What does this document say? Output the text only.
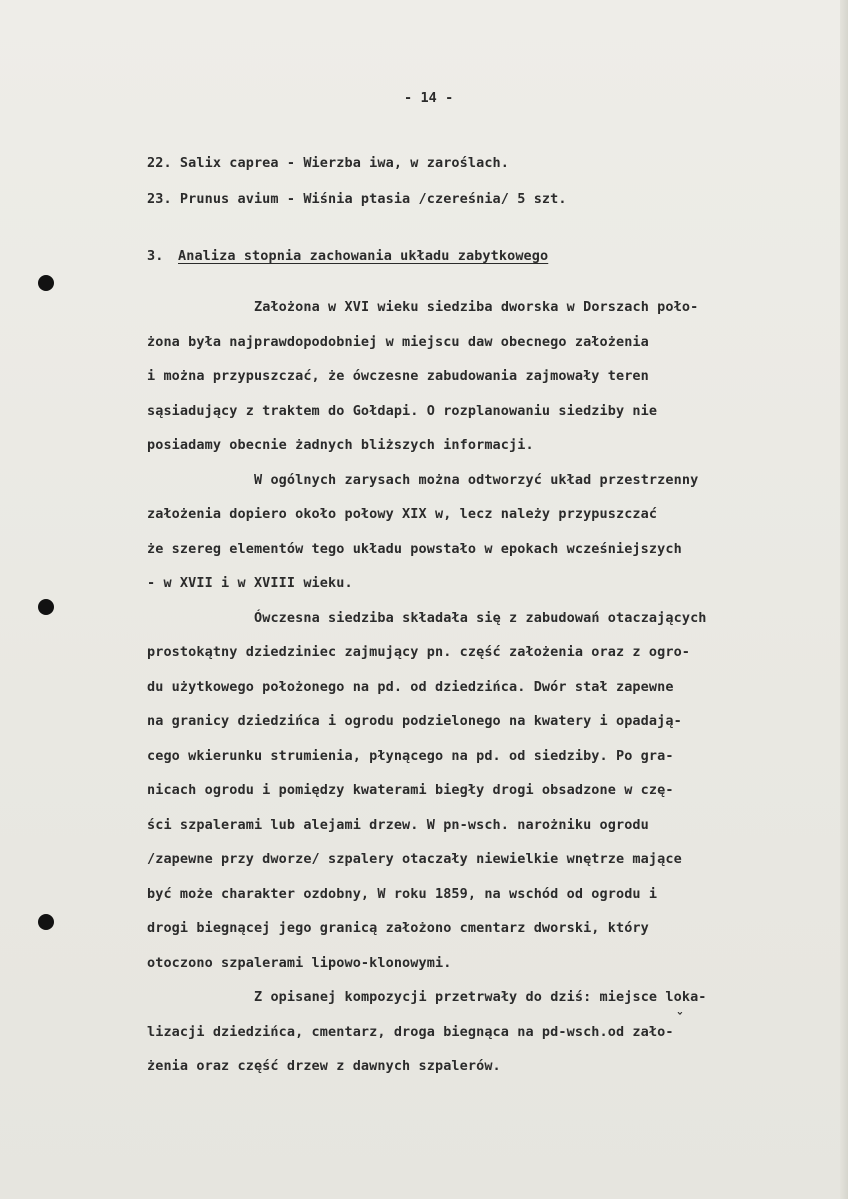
- 14 -
22. Salix caprea - Wierzba iwa, w zaroślach.
23. Prunus avium - Wiśnia ptasia /czereśnia/ 5 szt.
3. Analiza stopnia zachowania układu zabytkowego
Założona w XVI wieku siedziba dworska w Dorszach poło-
żona była najprawdopodobniej w miejscu daw obecnego założenia
i można przypuszczać, że ówczesne zabudowania zajmowały teren
sąsiadujący z traktem do Gołdapi. O rozplanowaniu siedziby nie
posiadamy obecnie żadnych bliższych informacji.
W ogólnych zarysach można odtworzyć układ przestrzenny
założenia dopiero około połowy XIX w, lecz należy przypuszczać
że szereg elementów tego układu powstało w epokach wcześniejszych
- w XVII i w XVIII wieku.
Ówczesna siedziba składała się z zabudowań otaczających
prostokątny dziedziniec zajmujący pn. część założenia oraz z ogro-
du użytkowego położonego na pd. od dziedzińca. Dwór stał zapewne
na granicy dziedzińca i ogrodu podzielonego na kwatery i opadają-
cego wkierunku strumienia, płynącego na pd. od siedziby. Po gra-
nicach ogrodu i pomiędzy kwaterami biegły drogi obsadzone w czę-
ści szpalerami lub alejami drzew. W pn-wsch. narożniku ogrodu
/zapewne przy dworze/ szpalery otaczały niewielkie wnętrze mające
być może charakter ozdobny, W roku 1859, na wschód od ogrodu i
drogi biegnącej jego granicą założono cmentarz dworski, który
otoczono szpalerami lipowo-klonowymi.
Z opisanej kompozycji przetrwały do dziś: miejsce loka-
ˇ
lizacji dziedzińca, cmentarz, droga biegnąca na pd-wsch.od zało-
żenia oraz część drzew z dawnych szpalerów.
